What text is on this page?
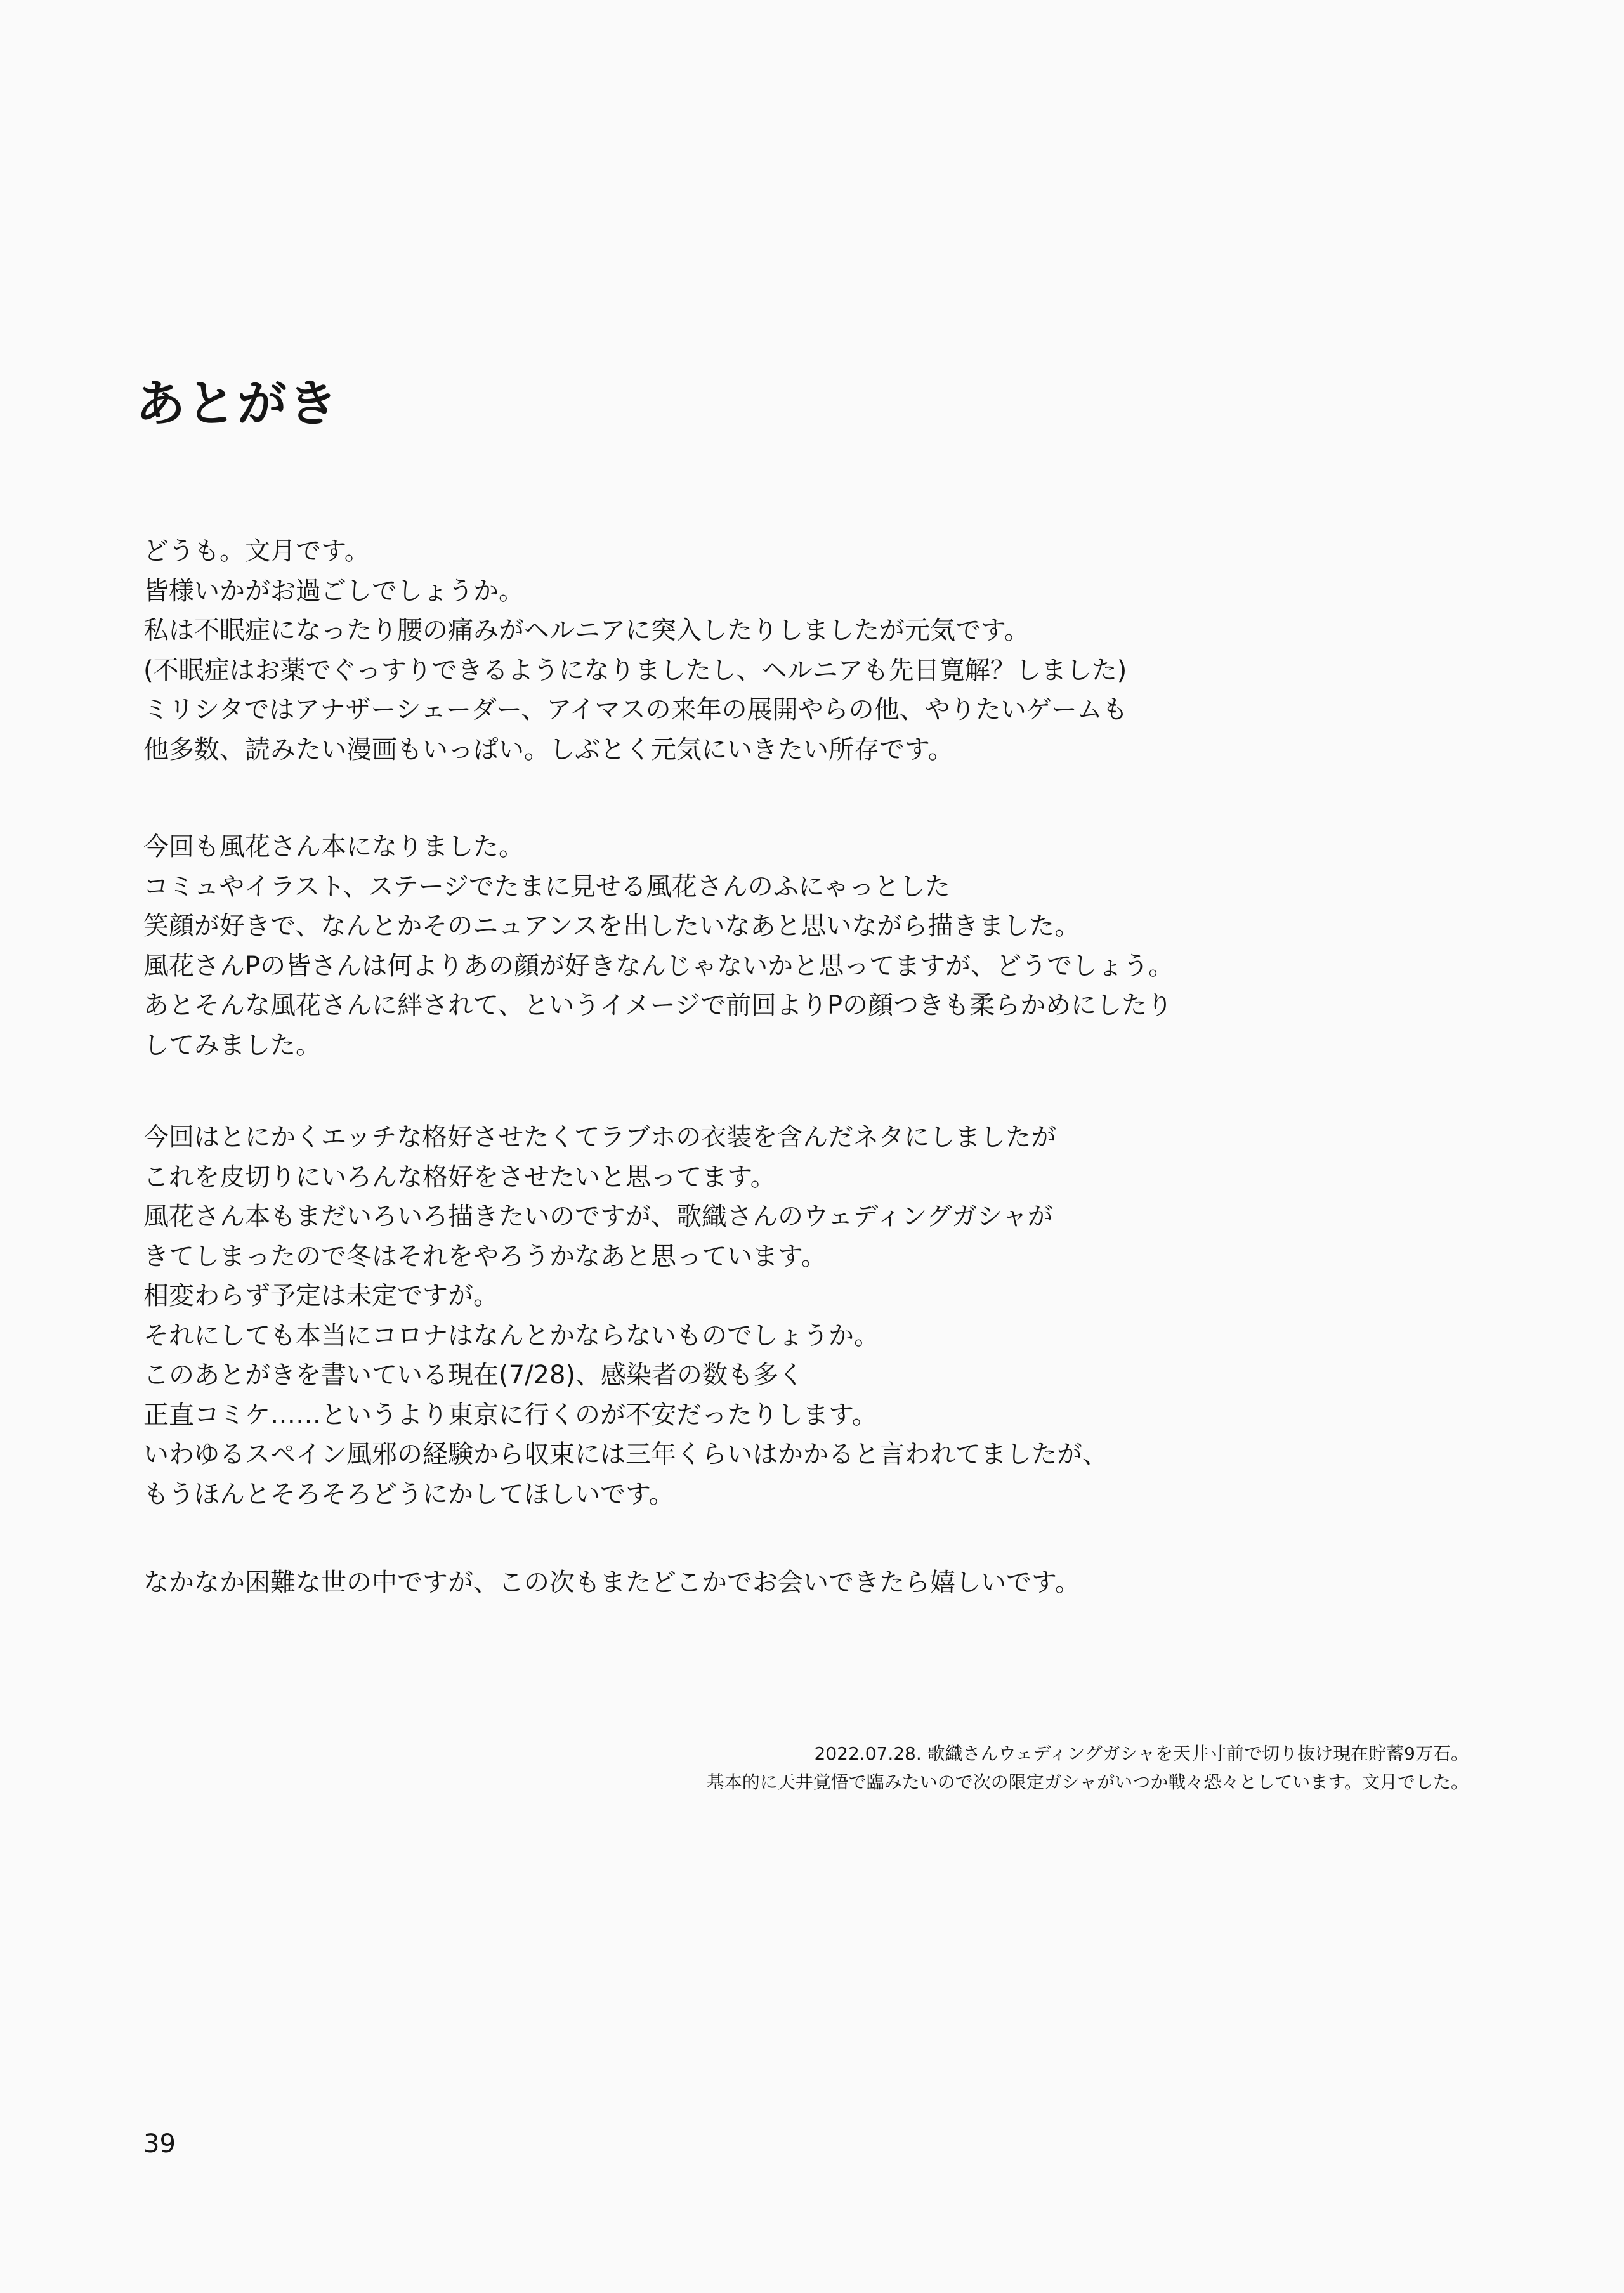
あとがき

どうも。文月です。
皆様いかがお過ごしでしょうか。
私は不眠症になったり腰の痛みがヘルニアに突入したりしましたが元気です。
(不眠症はお薬でぐっすりできるようになりましたし、ヘルニアも先日寛解？しました)
ミリシタではアナザーシェーダー、アイマスの来年の展開やらの他、やりたいゲームも
他多数、読みたい漫画もいっぱい。しぶとく元気にいきたい所存です。

今回も風花さん本になりました。
コミュやイラスト、ステージでたまに見せる風花さんのふにゃっとした
笑顔が好きで、なんとかそのニュアンスを出したいなあと思いながら描きました。
風花さんPの皆さんは何よりあの顔が好きなんじゃないかと思ってますが、どうでしょう。
あとそんな風花さんに絆されて、というイメージで前回よりPの顔つきも柔らかめにしたり
してみました。

今回はとにかくエッチな格好させたくてラブホの衣装を含んだネタにしましたが
これを皮切りにいろんな格好をさせたいと思ってます。
風花さん本もまだいろいろ描きたいのですが、歌織さんのウェディングガシャが
きてしまったので冬はそれをやろうかなあと思っています。
相変わらず予定は未定ですが。
それにしても本当にコロナはなんとかならないものでしょうか。
このあとがきを書いている現在(7/28)、感染者の数も多く
正直コミケ……というより東京に行くのが不安だったりします。
いわゆるスペイン風邪の経験から収束には三年くらいはかかると言われてましたが、
もうほんとそろそろどうにかしてほしいです。

なかなか困難な世の中ですが、この次もまたどこかでお会いできたら嬉しいです。

2022.07.28. 歌織さんウェディングガシャを天井寸前で切り抜け現在貯蓄9万石。
基本的に天井覚悟で臨みたいので次の限定ガシャがいつか戦々恐々としています。文月でした。
39
